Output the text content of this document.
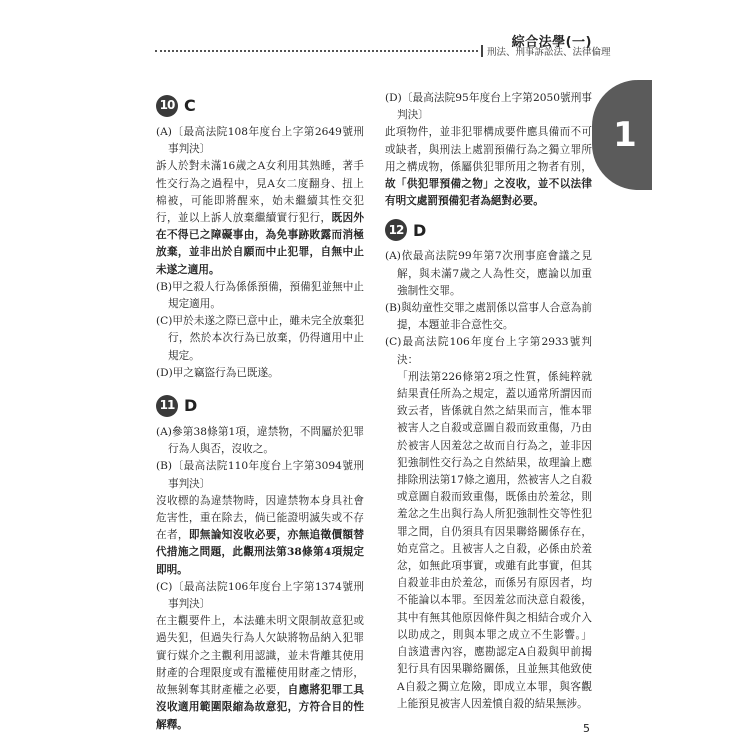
綜合法學(一)
刑法、刑事訴訟法、法律倫理
1
10 C

(A)〔最高法院108年度台上字第2649號刑事判決〕

訴人於對未滿16歲之A女利用其熟睡，著手性交行為之過程中，見A女二度翻身、扭上棉被，可能即將醒來，始未繼續其性交犯行，並以上訴人放棄繼續實行犯行，既因外在不得已之障礙事由，為免事跡敗露而消極放棄，並非出於自願而中止犯罪，自無中止未遂之適用。

(B)甲之殺人行為係係預備，預備犯並無中止規定適用。

(C)甲於未遂之際已意中止，雖未完全放棄犯行，然於本次行為已放棄，仍得適用中止規定。

(D)甲之竊盜行為已既遂。

11 D

(A)參第38條第1項，違禁物，不問屬於犯罪行為人與否，沒收之。

(B)〔最高法院110年度台上字第3094號刑事判決〕

沒收標的為違禁物時，因違禁物本身具社會危害性，重在除去，倘已能證明滅失或不存在者，即無論知沒收必要，亦無追徵價額替代措施之問題，此觀刑法第38條第4項規定即明。

(C)〔最高法院106年度台上字第1374號刑事判決〕

在主觀要件上，本法雖未明文限制故意犯或過失犯，但過失行為人欠缺將物品納入犯罪實行媒介之主觀利用認識，並未背離其使用財產的合理限度或有濫權使用財產之情形，故無剝奪其財產權之必要，自應將犯罪工具沒收適用範圍限縮為故意犯，方符合目的性解釋。

(D)〔最高法院95年度台上字第2050號刑事判決〕

此項物件，並非犯罪構成要件應具備而不可或缺者，與刑法上處罰預備行為之獨立罪所用之構成物，係屬供犯罪所用之物者有別，故「供犯罪預備之物」之沒收，並不以法律有明文處罰預備犯者為絕對必要。

12 D

(A)依最高法院99年第7次刑事庭會議之見解，與未滿7歲之人為性交，應論以加重強制性交罪。

(B)與幼童性交罪之處罰係以當事人合意為前提，本題並非合意性交。

(C)最高法院106年度台上字第2933號判決：

「刑法第226條第2項之性質，係純粹就結果責任所為之規定，蓋以通常所謂因而致云者，皆係就自然之結果而言，惟本罪被害人之自殺或意圖自殺而致重傷，乃由於被害人因羞忿之故而自行為之，並非因犯強制性交行為之自然結果，故理論上應排除刑法第17條之適用，然被害人之自殺或意圖自殺而致重傷，既係由於羞忿，則羞忿之生出與行為人所犯強制性交等性犯罪之間，自仍須具有因果聯絡關係存在，始克當之。且被害人之自殺，必係由於羞忿，如無此項事實，或雖有此事實，但其自殺並非由於羞忿，而係另有原因者，均不能論以本罪。至因羞忿而決意自殺後，其中有無其他原因條件與之相結合或介入以助成之，則與本罪之成立不生影響。」自該遺書內容，應勘認定A自殺與甲前揭犯行具有因果聯絡關係，且並無其他致使A自殺之獨立危險，即成立本罪，與客觀上能預見被害人因羞憤自殺的結果無涉。

5
